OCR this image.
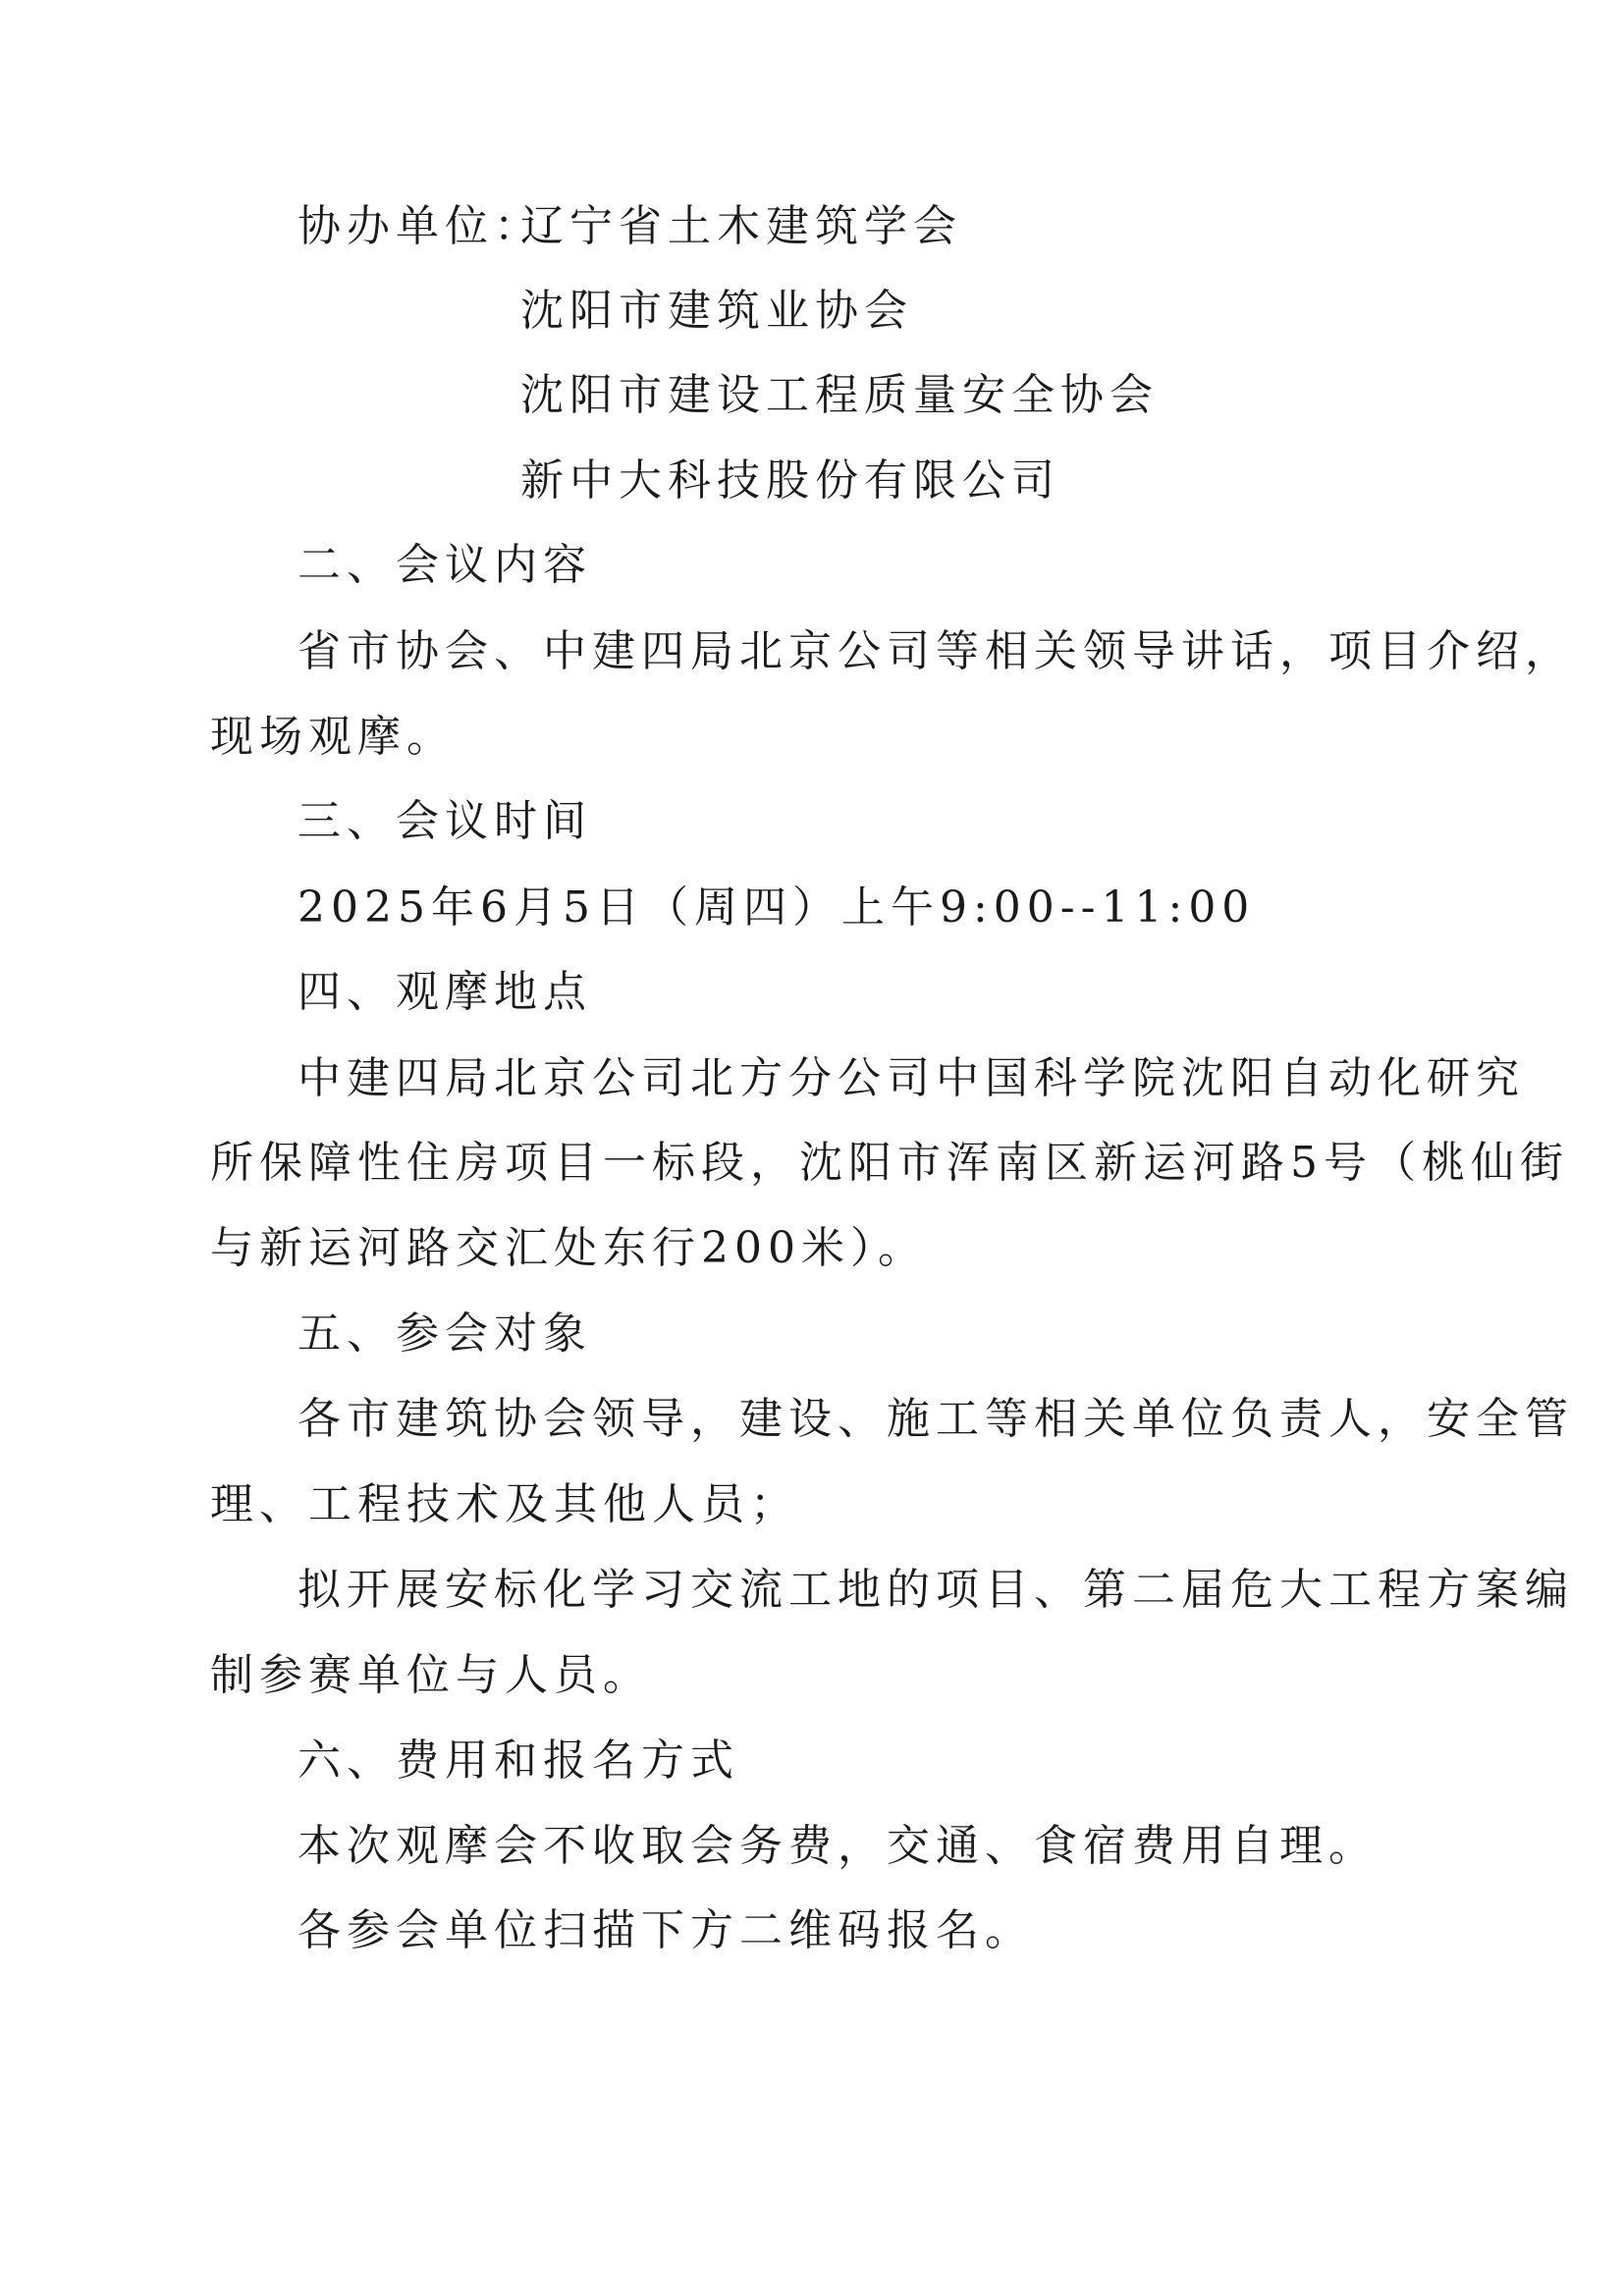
协办单位：
辽宁省土木建筑学会
沈阳市建筑业协会
沈阳市建设工程质量安全协会
新中大科技股份有限公司
二、会议内容
省市协会、中建四局北京公司等相关领导讲话，项目介绍，
现场观摩。
三、会议时间
2025年6月5日（周四）上午9:00--11:00
四、观摩地点
中建四局北京公司北方分公司中国科学院沈阳自动化研究
所保障性住房项目一标段，沈阳市浑南区新运河路5号（桃仙街
与新运河路交汇处东行200米）。
五、参会对象
各市建筑协会领导，建设、施工等相关单位负责人，安全管
理、工程技术及其他人员；
拟开展安标化学习交流工地的项目、第二届危大工程方案编
制参赛单位与人员。
六、费用和报名方式
本次观摩会不收取会务费，交通、食宿费用自理。
各参会单位扫描下方二维码报名。
